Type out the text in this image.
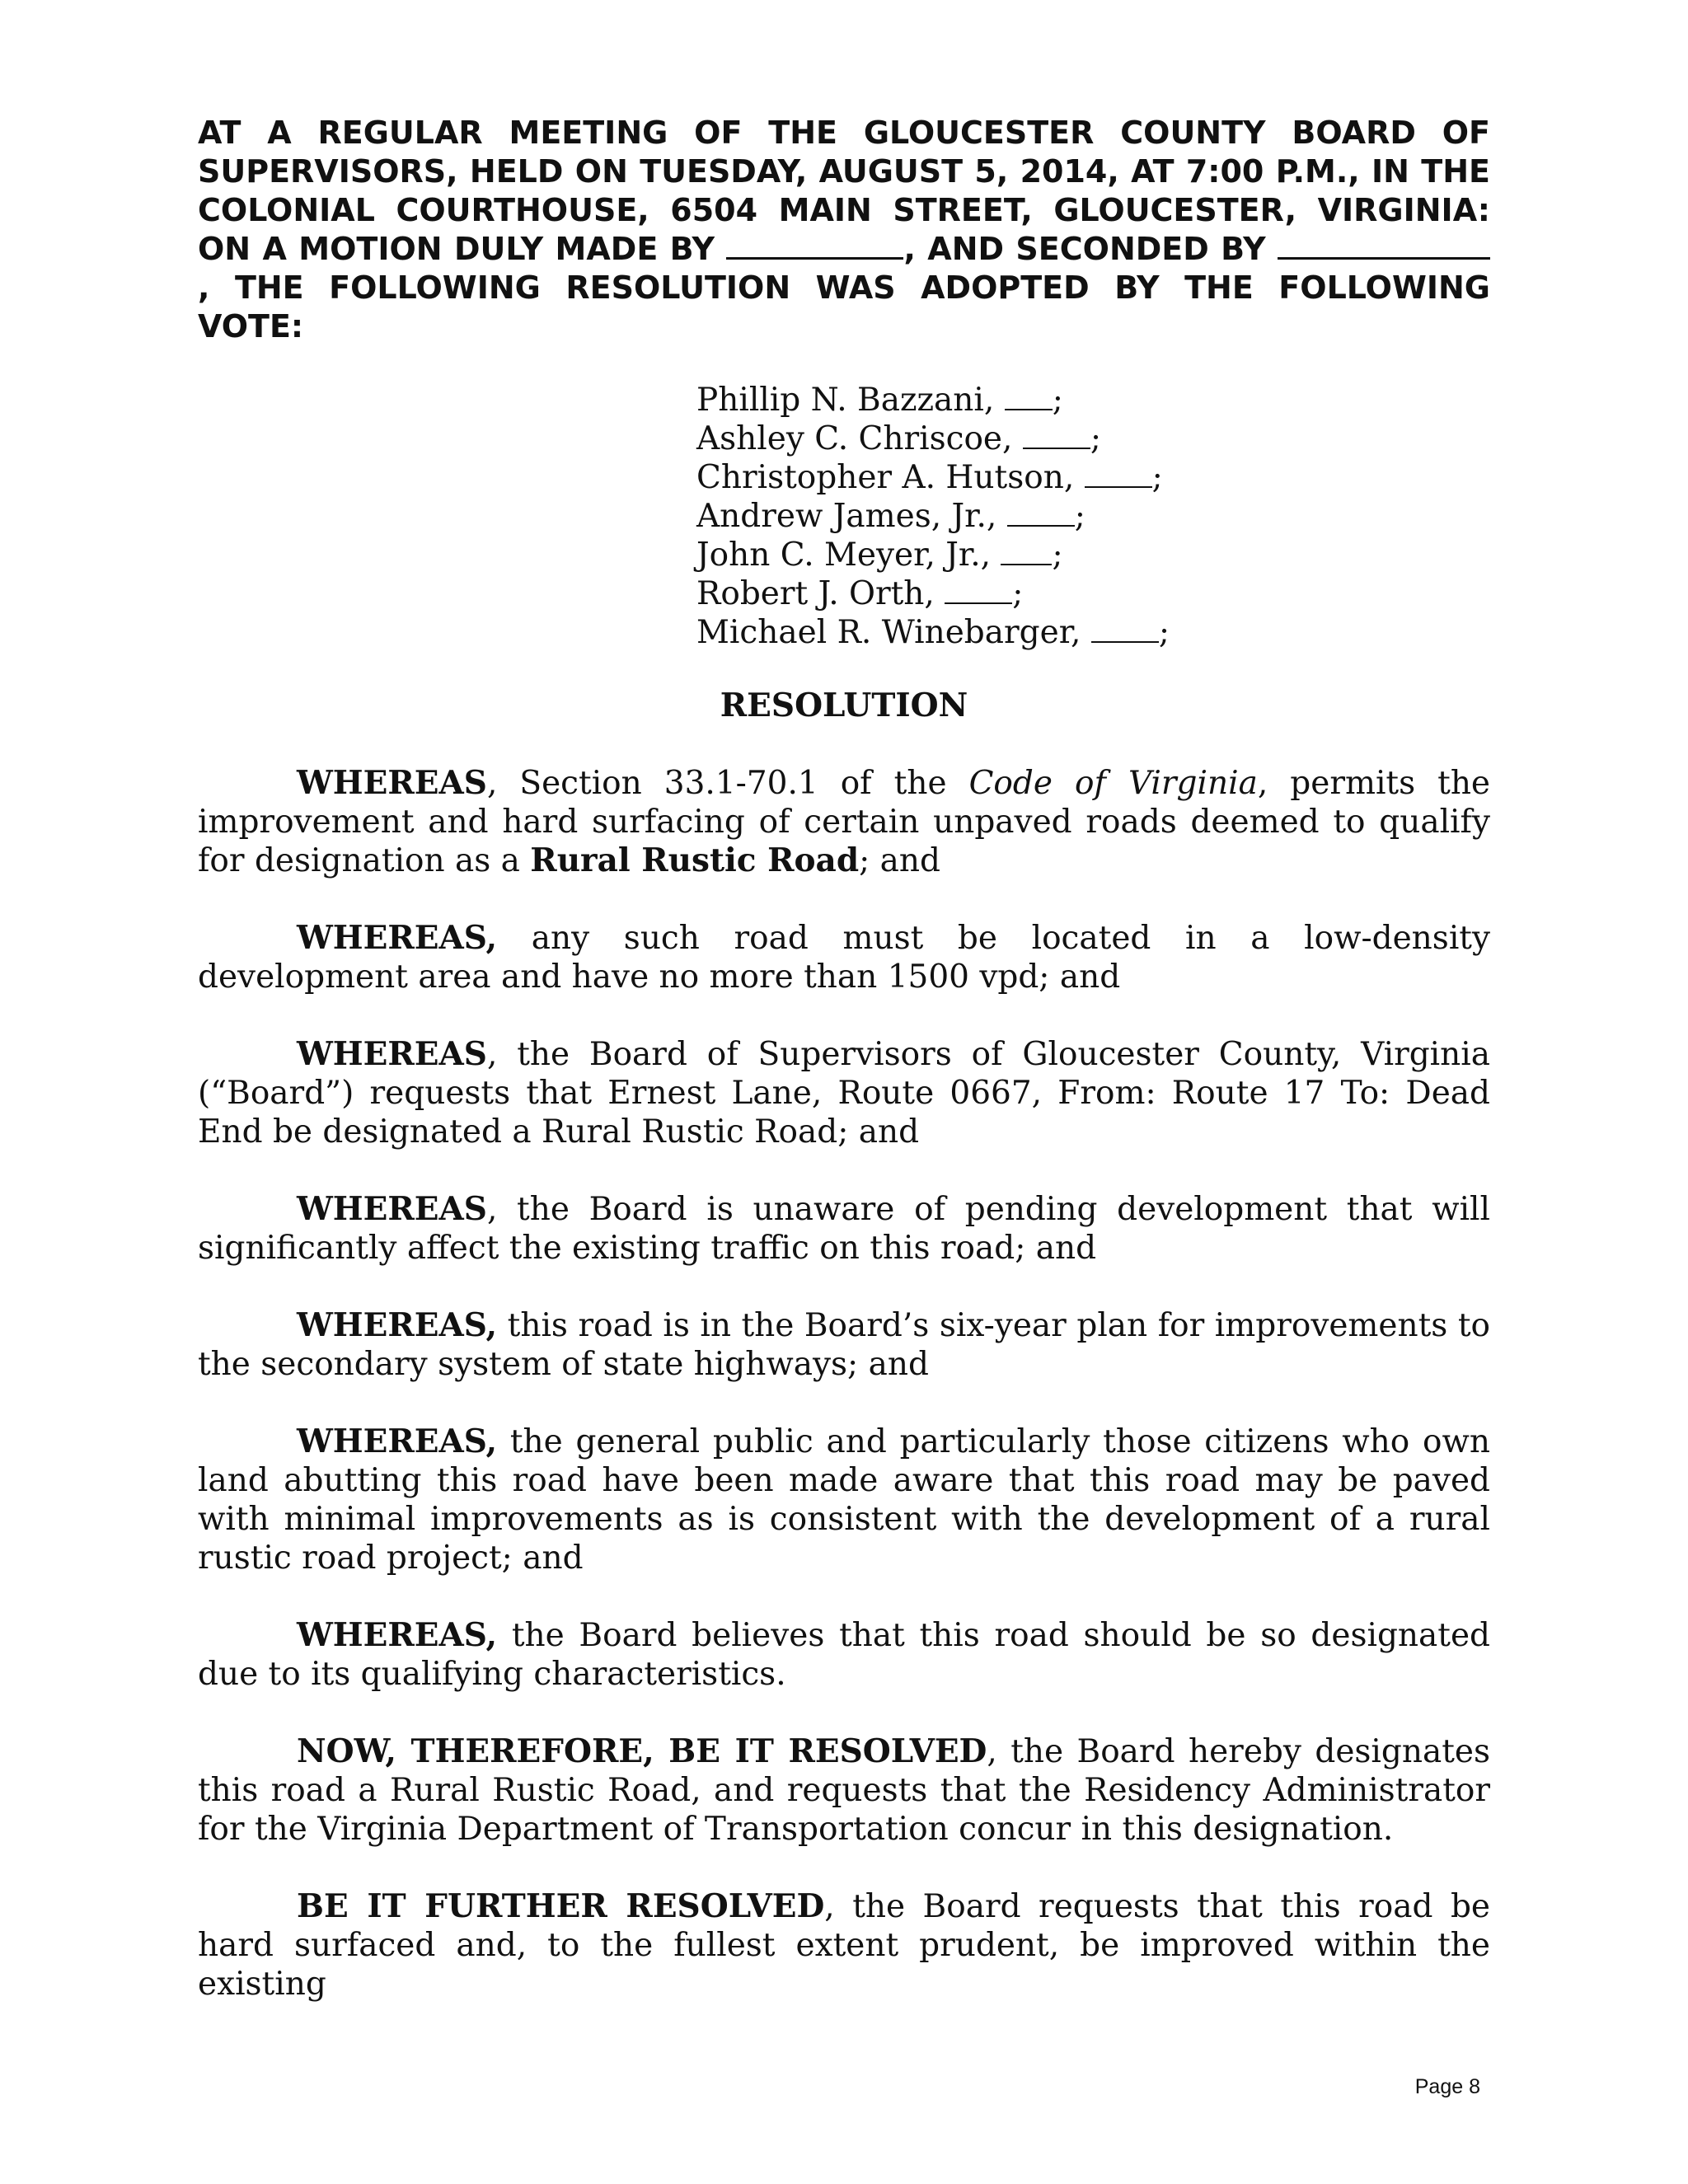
AT A REGULAR MEETING OF THE GLOUCESTER COUNTY BOARD OF SUPERVISORS, HELD ON TUESDAY, AUGUST 5, 2014, AT 7:00 P.M., IN THE COLONIAL COURTHOUSE, 6504 MAIN STREET, GLOUCESTER, VIRGINIA: ON A MOTION DULY MADE BY	, AND SECONDED BY , THE FOLLOWING RESOLUTION WAS ADOPTED BY THE FOLLOWING VOTE:

Phillip N. Bazzani, ;
Ashley C. Chriscoe, ;
Christopher A. Hutson, ;
Andrew James, Jr., ;
John C. Meyer, Jr., ;
Robert J. Orth, ;
Michael R. Winebarger, ;
RESOLUTION

WHEREAS, Section 33.1-70.1 of the Code of Virginia, permits the improvement and hard surfacing of certain unpaved roads deemed to qualify for designation as a Rural Rustic Road; and

WHEREAS, any such road must be located in a low-density development area and have no more than 1500 vpd; and

WHEREAS, the Board of Supervisors of Gloucester County, Virginia (“Board”) requests that Ernest Lane, Route 0667, From: Route 17 To: Dead End be designated a Rural Rustic Road; and

WHEREAS, the Board is unaware of pending development that will significantly affect the existing traffic on this road; and

WHEREAS, this road is in the Board’s six-year plan for improvements to the secondary system of state highways; and

WHEREAS, the general public and particularly those citizens who own land abutting this road have been made aware that this road may be paved with minimal improvements as is consistent with the development of a rural rustic road project; and

WHEREAS, the Board believes that this road should be so designated due to its qualifying characteristics.

NOW, THEREFORE, BE IT RESOLVED, the Board hereby designates this road a Rural Rustic Road, and requests that the Residency Administrator for the Virginia Department of Transportation concur in this designation.

BE IT FURTHER RESOLVED, the Board requests that this road be hard surfaced and, to the fullest extent prudent, be improved within the existing

Page 8
